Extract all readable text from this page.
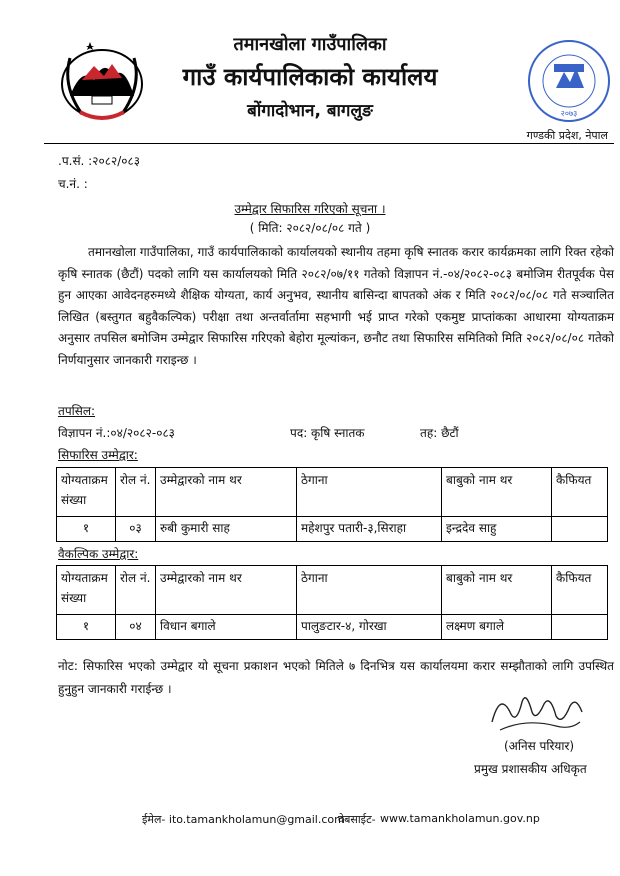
तमानखोला गाउँपालिका
गाउँ कार्यपालिकाको कार्यालय
बोंगादोभान, बागलुङ	२०७३
गण्डकी प्रदेश, नेपाल
.प.सं. :२०८२/०८३
च.नं. :
उम्मेद्वार सिफारिस गरिएको सूचना ।
( मिति: २०८२/०८/०८ गते )
तमानखोला गाउँपालिका, गाउँ कार्यपालिकाको कार्यालयको स्थानीय तहमा कृषि स्नातक करार कार्यक्रमका लागि रिक्त रहेको कृषि स्नातक (छैटौं) पदको लागि यस कार्यालयको मिति २०८२/०७/११ गतेको विज्ञापन नं.-०४/२०८२-०८३ बमोजिम रीतपूर्वक पेस हुन आएका आवेदनहरुमध्ये शैक्षिक योग्यता, कार्य अनुभव, स्थानीय बासिन्दा बापतको अंक र मिति २०८२/०८/०८ गते सञ्चालित लिखित (बस्तुगत बहुवैकल्पिक) परीक्षा तथा अन्तर्वार्तामा सहभागी भई प्राप्त गरेको एकमुष्ट प्राप्तांकका आधारमा योग्यताक्रम अनुसार तपसिल बमोजिम उम्मेद्वार सिफारिस गरिएको बेहोरा मूल्यांकन, छनौट तथा सिफारिस समितिको मिति २०८२/०८/०८ गतेको निर्णयानुसार जानकारी गराइन्छ ।
तपसिल:
विज्ञापन नं.:०४/२०८२-०८३	पद: कृषि स्नातक	तह: छैटौं
सिफारिस उम्मेद्वार:
योग्यताक्रम संख्या	रोल नं.	उम्मेद्वारको नाम थर	ठेगाना	बाबुको नाम थर	कैफियत
१	०३	रुबी कुमारी साह	महेशपुर पतारी-३,सिराहा	इन्द्रदेव साहु	
वैकल्पिक उम्मेद्वार:
योग्यताक्रम संख्या	रोल नं.	उम्मेद्वारको नाम थर	ठेगाना	बाबुको नाम थर	कैफियत
१	०४	विधान बगाले	पालुङटार-४, गोरखा	लक्ष्मण बगाले	
नोट: सिफारिस भएको उम्मेद्वार यो सूचना प्रकाशन भएको मितिले ७ दिनभित्र यस कार्यालयमा करार सम्झौताको लागि उपस्थित हुनुहुन जानकारी गराईन्छ ।
(अनिस परियार)
प्रमुख प्रशासकीय अधिकृत
ईमेल- ito.tamankholamun@gmail.com
वेबसाईट- www.tamankholamun.gov.np
